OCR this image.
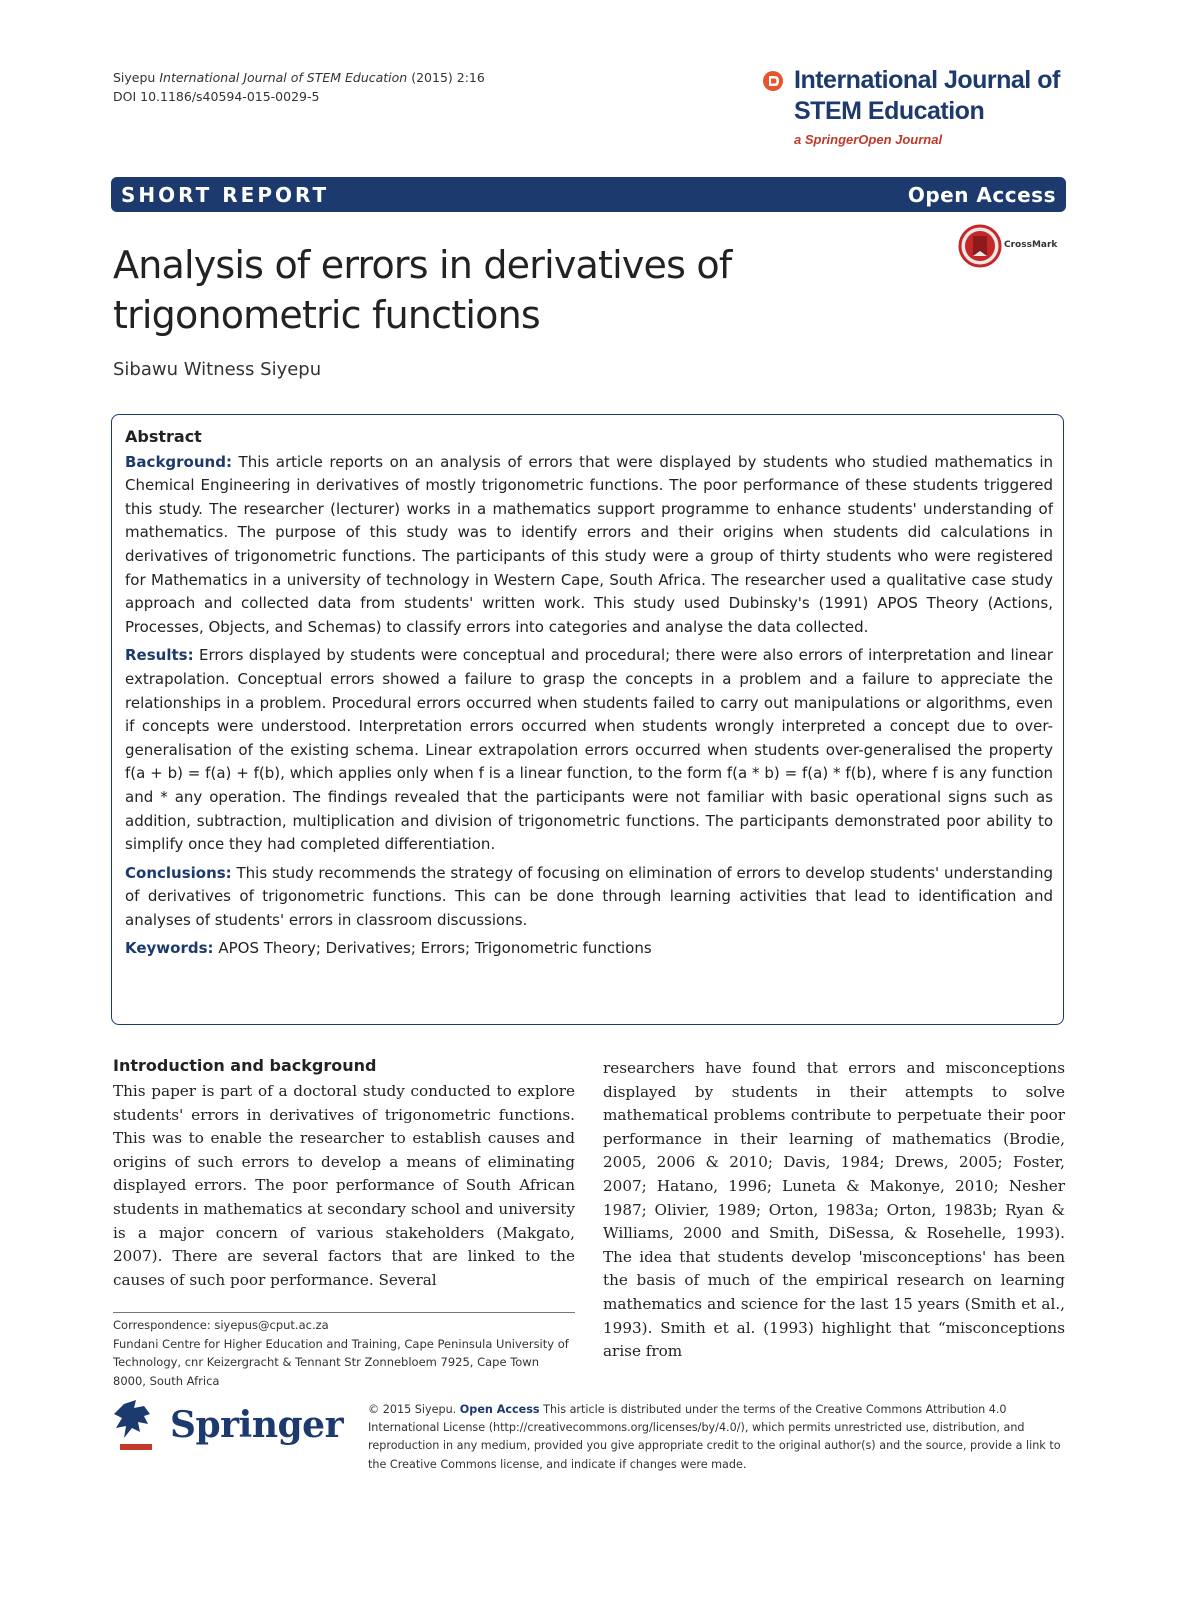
Siyepu International Journal of STEM Education (2015) 2:16
DOI 10.1186/s40594-015-0029-5
International Journal of
STEM Education
a SpringerOpen Journal
SHORT REPORT	Open Access
Analysis of errors in derivatives of trigonometric functions
CrossMark
Sibawu Witness Siyepu
Abstract

Background: This article reports on an analysis of errors that were displayed by students who studied mathematics in Chemical Engineering in derivatives of mostly trigonometric functions. The poor performance of these students triggered this study. The researcher (lecturer) works in a mathematics support programme to enhance students' understanding of mathematics. The purpose of this study was to identify errors and their origins when students did calculations in derivatives of trigonometric functions. The participants of this study were a group of thirty students who were registered for Mathematics in a university of technology in Western Cape, South Africa. The researcher used a qualitative case study approach and collected data from students' written work. This study used Dubinsky's (1991) APOS Theory (Actions, Processes, Objects, and Schemas) to classify errors into categories and analyse the data collected.

Results: Errors displayed by students were conceptual and procedural; there were also errors of interpretation and linear extrapolation. Conceptual errors showed a failure to grasp the concepts in a problem and a failure to appreciate the relationships in a problem. Procedural errors occurred when students failed to carry out manipulations or algorithms, even if concepts were understood. Interpretation errors occurred when students wrongly interpreted a concept due to over-generalisation of the existing schema. Linear extrapolation errors occurred when students over-generalised the property f(a + b) = f(a) + f(b), which applies only when f is a linear function, to the form f(a * b) = f(a) * f(b), where f is any function and * any operation. The findings revealed that the participants were not familiar with basic operational signs such as addition, subtraction, multiplication and division of trigonometric functions. The participants demonstrated poor ability to simplify once they had completed differentiation.

Conclusions: This study recommends the strategy of focusing on elimination of errors to develop students' understanding of derivatives of trigonometric functions. This can be done through learning activities that lead to identification and analyses of students' errors in classroom discussions.

Keywords: APOS Theory; Derivatives; Errors; Trigonometric functions

Introduction and background
This paper is part of a doctoral study conducted to explore students' errors in derivatives of trigonometric functions. This was to enable the researcher to establish causes and origins of such errors to develop a means of eliminating displayed errors. The poor performance of South African students in mathematics at secondary school and university is a major concern of various stakeholders (Makgato, 2007). There are several factors that are linked to the causes of such poor performance. Several
researchers have found that errors and misconceptions displayed by students in their attempts to solve mathematical problems contribute to perpetuate their poor performance in their learning of mathematics (Brodie, 2005, 2006 & 2010; Davis, 1984; Drews, 2005; Foster, 2007; Hatano, 1996; Luneta & Makonye, 2010; Nesher 1987; Olivier, 1989; Orton, 1983a; Orton, 1983b; Ryan & Williams, 2000 and Smith, DiSessa, & Rosehelle, 1993). The idea that students develop 'misconceptions' has been the basis of much of the empirical research on learning mathematics and science for the last 15 years (Smith et al., 1993). Smith et al. (1993) highlight that “misconceptions arise from
Correspondence: siyepus@cput.ac.za
Fundani Centre for Higher Education and Training, Cape Peninsula University of Technology, cnr Keizergracht & Tennant Str Zonnebloem 7925, Cape Town 8000, South Africa
Springer © 2015 Siyepu. Open Access This article is distributed under the terms of the Creative Commons Attribution 4.0 International License (http://creativecommons.org/licenses/by/4.0/), which permits unrestricted use, distribution, and reproduction in any medium, provided you give appropriate credit to the original author(s) and the source, provide a link to the Creative Commons license, and indicate if changes were made.
